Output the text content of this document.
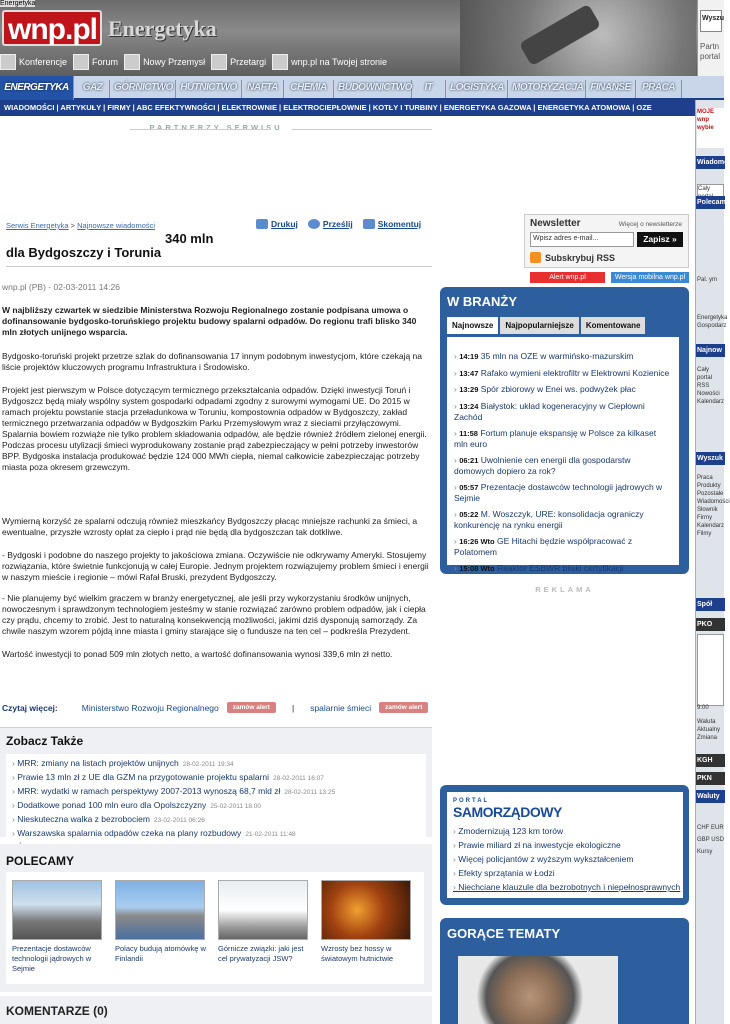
wnp.pl Energetyka
Energetyka
Konferencje	Forum	Nowy Przemysł	Przetargi	wnp.pl na Twojej stronie
Wyszu
Partn portal
ENERGETYKA	GAZ	GÓRNICTWO HUTNICTWO	NAFTA	CHEMIA	BUDOWNICTWO	IT	LOGISTYKA MOTORYZACJA FINANSE	PRACA
WIADOMOŚCI | ARTYKUŁY | FIRMY | ABC EFEKTYWNOŚCI | ELEKTROWNIE | ELEKTROCIEPŁOWNIE | KOTŁY I TURBINY | ENERGETYKA GAZOWA | ENERGETYKA ATOMOWA | OZE
PARTNERZY SERWISU
Serwis Energetyka > Najnowsze wiadomości	Drukuj	Prześlij	Skomentuj
340 mln
dla Bydgoszczy i Torunia
wnp.pl (PB) - 02-03-2011 14:26
W najbliższy czwartek w siedzibie Ministerstwa Rozwoju Regionalnego zostanie podpisana umowa o dofinansowanie bydgosko-toruńskiego projektu budowy spalarni odpadów. Do regionu trafi blisko 340 mln złotych unijnego wsparcia.
Bydgosko-toruński projekt przetrze szlak do dofinansowania 17 innym podobnym inwestycjom, które czekają na liście projektów kluczowych programu Infrastruktura i Środowisko.
Projekt jest pierwszym w Polsce dotyczącym termicznego przekształcania odpadów. Dzięki inwestycji Toruń i Bydgoszcz będą miały wspólny system gospodarki odpadami zgodny z surowymi wymogami UE. Do 2015 w ramach projektu powstanie stacja przeładunkowa w Toruniu, kompostownia odpadów w Bydgoszczy, zakład termicznego przetwarzania odpadów w Bydgoszkim Parku Przemysłowym wraz z sieciami przyłączowymi. Spalarnia bowiem rozwiąże nie tylko problem składowania odpadów, ale będzie również źródłem zielonej energii. Podczas procesu utylizacji śmieci wyprodukowany zostanie prąd zabezpieczający w pełni potrzeby inwestorów BPP. Bydgoska instalacja produkować będzie 124 000 MWh ciepła, niemal całkowicie zabezpieczając potrzeby miasta poza okresem grzewczym.
Wymierną korzyść ze spalarni odczują również mieszkańcy Bydgoszczy płacąc mniejsze rachunki za śmieci, a ewentualne, przyszłe wzrosty opłat za ciepło i prąd nie będą dla bydgoszczan tak dotkliwe.
- Bydgoski i podobne do naszego projekty to jakościowa zmiana. Oczywiście nie odkrywamy Ameryki. Stosujemy rozwiązania, które świetnie funkcjonują w całej Europie. Jednym projektem rozwiązujemy problem śmieci i energii w naszym mieście i regionie – mówi Rafał Bruski, prezydent Bydgoszczy.
- Nie planujemy być wielkim graczem w branży energetycznej, ale jeśli przy wykorzystaniu środków unijnych, nowoczesnym i sprawdzonym technologiem jesteśmy w stanie rozwiązać zarówno problem odpadów, jak i ciepła czy prądu, chcemy to zrobić. Jest to naturalną konsekwencją możliwości, jakimi dziś dysponują samorządy. Za chwile naszym wzorem pójdą inne miasta i gminy starające się o fundusze na ten cel – podkreśla Prezydent.
Wartość inwestycji to ponad 509 mln złotych netto, a wartość dofinansowania wynosi 339,6 mln zł netto.
Czytaj więcej:	Ministerstwo Rozwoju Regionalnego	zamów alert	| spalarnie śmieci	zamów alert
Zobacz Także
› MRR: zmiany na listach projektów unijnych 28-02-2011 19:34
› Prawie 13 mln zł z UE dla GZM na przygotowanie projektu spalarni 28-02-2011 16:07
› MRR: wydatki w ramach perspektywy 2007-2013 wynoszą 68,7 mld zł 28-02-2011 13:25
› Dodatkowe ponad 100 mln euro dla Opolszczyzny 25-02-2011 18:00
› Nieskuteczna walka z bezrobociem 23-02-2011 06:26
› Warszawska spalarnia odpadów czeka na plany rozbudowy 21-02-2011 11:48
›
POLECAMY
Prezentacje dostawców technologii jądrowych w Sejmie
Polacy budują atomówkę w Finlandii
Górnicze związki: jaki jest cel prywatyzacji JSW?
Wzrosty bez hossy w światowym hutnictwie
KOMENTARZE (0)
Newsletter	Więcej o newsletterze
Wpisz adres e-mail...	Zapisz »
Subskrybuj RSS
Alert wnp.pl	Wersja mobilna wnp.pl
W BRANŻY
Najnowsze	Najpopularniejsze	Komentowane
› 14:19 35 mln na OZE w warmińsko-mazurskim
› 13:47 Rafako wymieni elektrofiltr w Elektrowni Kozienice
› 13:29 Spór zbiorowy w Enei ws. podwyżek płac
› 13:24 Białystok: układ kogeneracyjny w Ciepłowni Zachód
› 11:58 Fortum planuje ekspansję w Polsce za kilkaset mln euro
› 06:21 Uwolnienie cen energii dla gospodarstw domowych dopiero za rok?
› 05:57 Prezentacje dostawców technologii jądrowych w Sejmie
› 05:22 M. Woszczyk, URE: konsolidacja ograniczy konkurencję na rynku energii
› 16:26 Wto GE Hitachi będzie współpracować z Polatomem
› 15:08 Wto Reaktor ESBWR bliski certyfikacji
REKLAMA
PORTAL
SAMORZĄDOWY
› Zmodernizują 123 km torów
› Prawie miliard zł na inwestycje ekologiczne
› Więcej policjantów z wyższym wykształceniem
› Efekty sprzątania w Łodzi
› Niechciane klauzule dla bezrobotnych i niepełnosprawnych
GORĄCE TEMATY
MOJE wnp wybie
Wiadomo
Cały
Polecamy
Pal. ym
Energetyka Gospodarz
Najnow
Cały portal RSS Nowości Kalendarz
Wyszuk
Praca Produkty Pozostałe Wiadomości Słownik Firmy Kalendarz Filmy
Spół
PKO
9:00
Waluta Aktualny Zmiana
KGH
PKN
Waluty
CHF EUR GBP USD Kursy
